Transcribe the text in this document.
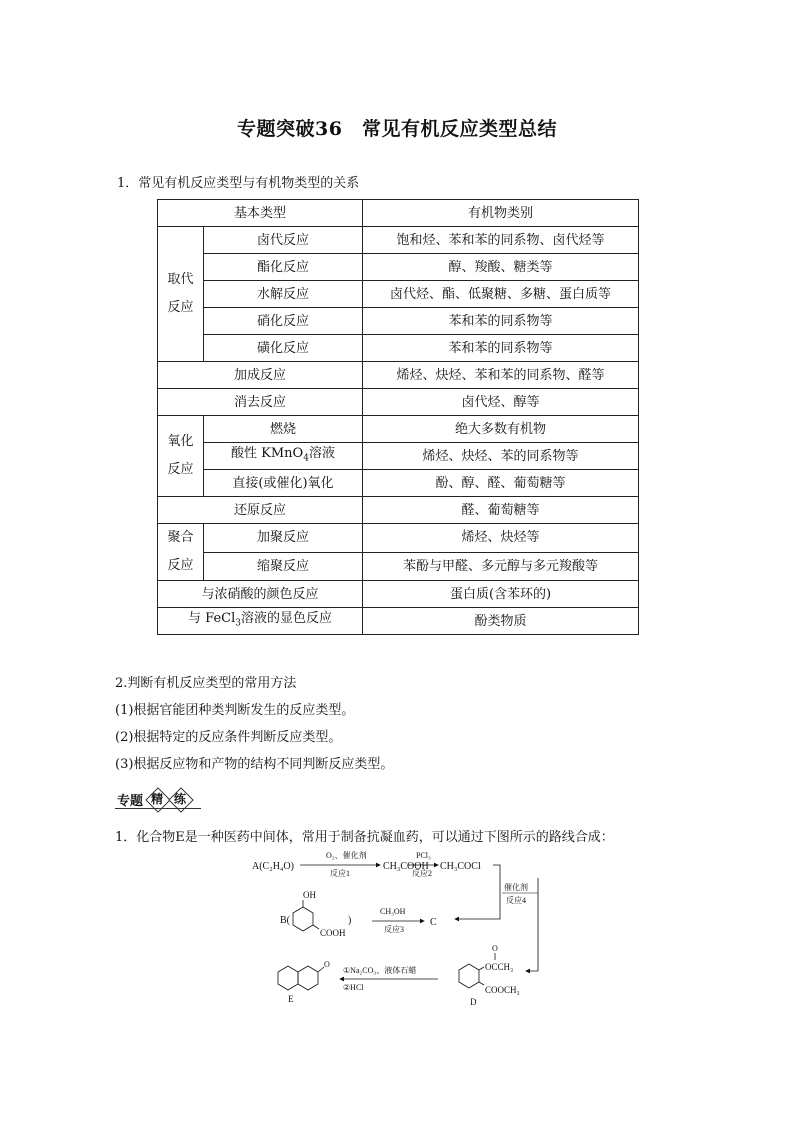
专题突破36　常见有机反应类型总结
1．常见有机反应类型与有机物类型的关系
基本类型		有机物类别
取代
反应	卤代反应	饱和烃、苯和苯的同系物、卤代烃等
	酯化反应	醇、羧酸、糖类等
	水解反应	卤代烃、酯、低聚糖、多糖、蛋白质等
	硝化反应	苯和苯的同系物等
	磺化反应	苯和苯的同系物等
加成反应		烯烃、炔烃、苯和苯的同系物、醛等
消去反应		卤代烃、醇等
氧化
反应	燃烧	绝大多数有机物
	酸性 KMnO$_4$溶液	烯烃、炔烃、苯的同系物等
	直接(或催化)氧化	酚、醇、醛、葡萄糖等
还原反应		醛、葡萄糖等
聚合
反应	加聚反应	烯烃、炔烃等
	缩聚反应	苯酚与甲醛、多元醇与多元羧酸等
与浓硝酸的颜色反应		蛋白质(含苯环的)
与 FeCl$_3$溶液的显色反应		酚类物质
2.判断有机反应类型的常用方法
(1)根据官能团种类判断发生的反应类型。
(2)根据特定的反应条件判断反应类型。
(3)根据反应物和产物的结构不同判断反应类型。
专题 精 练
1．化合物E是一种医药中间体，常用于制备抗凝血药，可以通过下图所示的路线合成：
A(C₂H₄O)
O₂、催化剂
反应1
CH₃COOH
PCl₃
反应2
CH₃COCl
催化剂
反应4
B(
OH
COOH
)
CH₃OH
反应3
C
O
E
①Na₂CO₃、液体石蜡
②HCl
OCCH₃
O
COOCH₃
D
